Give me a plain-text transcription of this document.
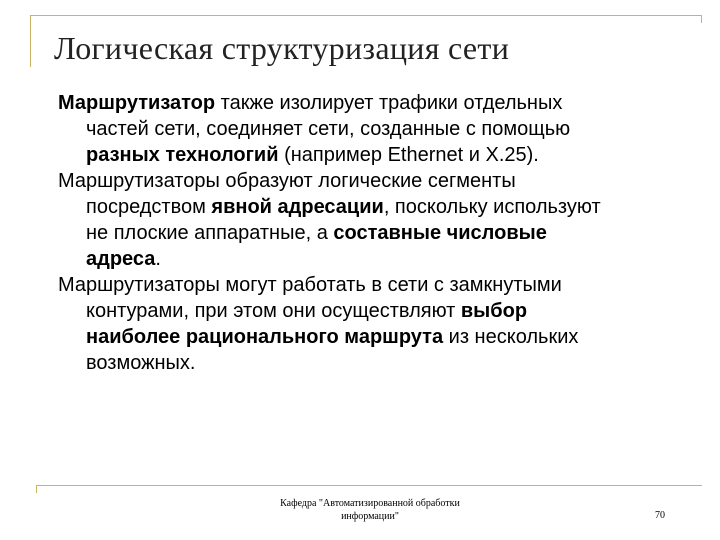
Логическая структуризация сети

Маршрутизатор также изолирует трафики отдельных частей сети, соединяет сети, созданные с помощью разных технологий (например Ethernet и X.25).

Маршрутизаторы образуют логические сегменты посредством явной адресации, поскольку используют не плоские аппаратные, а составные числовые адреса.

Маршрутизаторы могут работать в сети с замкнутыми контурами, при этом они осуществляют выбор наиболее рационального маршрута из нескольких возможных.

Кафедра "Автоматизированной обработки
информации"	70
